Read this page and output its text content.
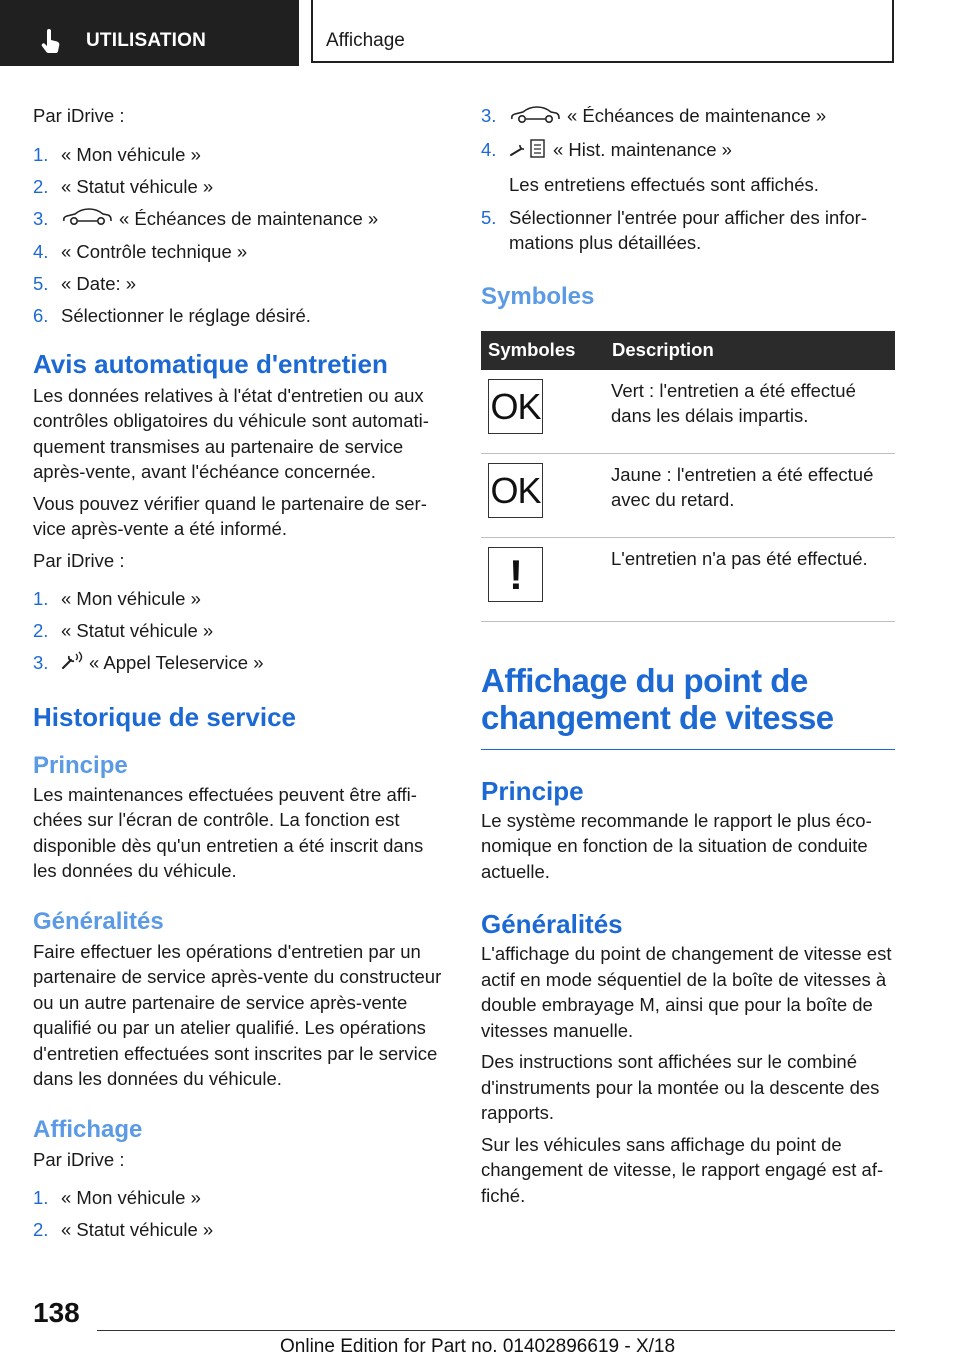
UTILISATION	Affichage

Par iDrive :

1. « Mon véhicule »
2. « Statut véhicule »
3.	« Échéances de maintenance »
4. « Contrôle technique »
5. « Date: »
6. Sélectionner le réglage désiré.
Avis automatique d'entretien

Les données relatives à l'état d'entretien ou aux contrôles obligatoires du véhicule sont automatiquement transmises au partenaire de service après-vente, avant l'échéance concernée.

Vous pouvez vérifier quand le partenaire de service après-vente a été informé.

Par iDrive :

1. « Mon véhicule »
2. « Statut véhicule »
3. « Appel Teleservice »
Historique de service
Principe

Les maintenances effectuées peuvent être affichées sur l'écran de contrôle. La fonction est disponible dès qu'un entretien a été inscrit dans les données du véhicule.

Généralités

Faire effectuer les opérations d'entretien par un partenaire de service après-vente du constructeur ou un autre partenaire de service après-vente qualifié ou par un atelier qualifié. Les opérations d'entretien effectuées sont inscrites par le service dans les données du véhicule.

Affichage

Par iDrive :

1. « Mon véhicule »
2. « Statut véhicule »
3.	« Échéances de maintenance »
4.	« Hist. maintenance »

Les entretiens effectués sont affichés.

5. Sélectionner l'entrée pour afficher des informations plus détaillées.
Symboles
Symboles	Description

OK	Vert : l'entretien a été effectué dans les délais impartis.

OK	Jaune : l'entretien a été effectué avec du retard.

!	L'entretien n'a pas été effectué.
Affichage du point de changement de vitesse
Principe

Le système recommande le rapport le plus économique en fonction de la situation de conduite actuelle.

Généralités

L'affichage du point de changement de vitesse est actif en mode séquentiel de la boîte de vitesses à double embrayage M, ainsi que pour la boîte de vitesses manuelle.

Des instructions sont affichées sur le combiné d'instruments pour la montée ou la descente des rapports.

Sur les véhicules sans affichage du point de changement de vitesse, le rapport engagé est affiché.

138
Online Edition for Part no. 01402896619 - X/18
